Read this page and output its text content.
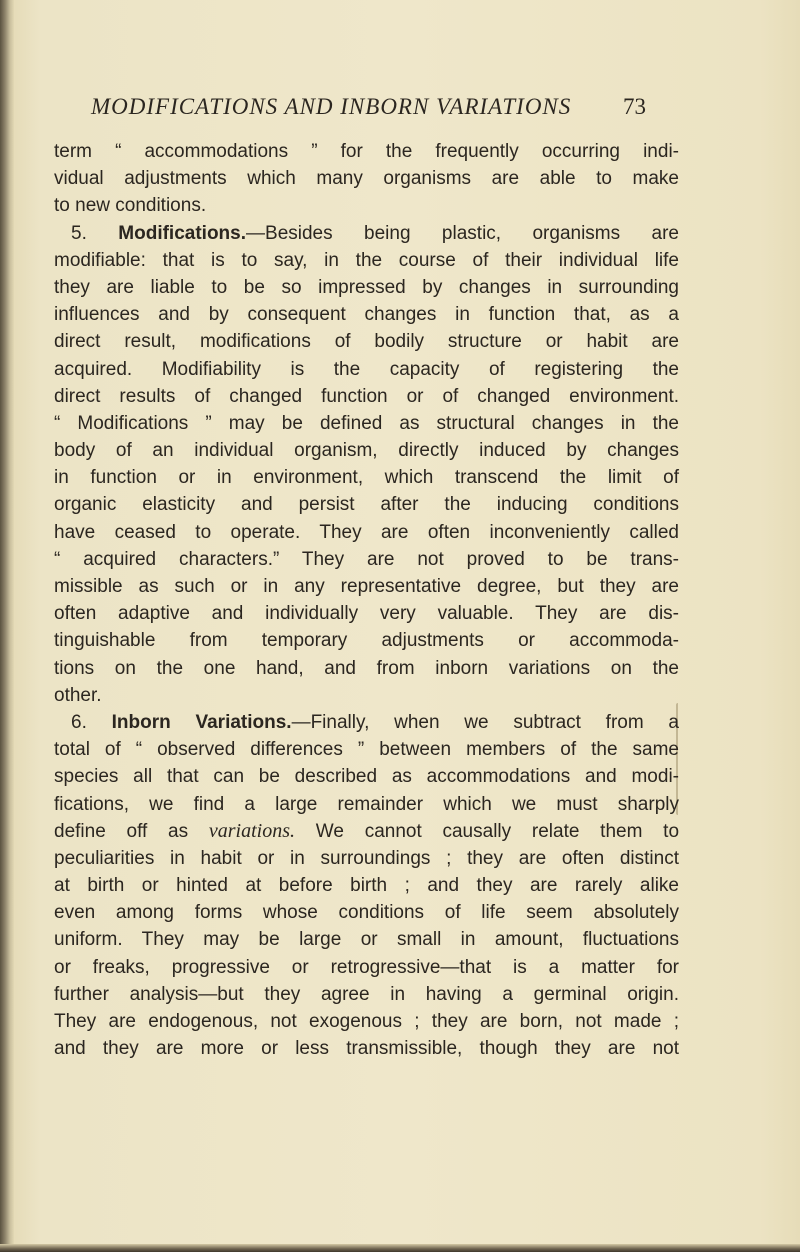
MODIFICATIONS AND INBORN VARIATIONS 73
term “ accommodations ” for the frequently occurring indi-
vidual adjustments which many organisms are able to make
to new conditions.
5. Modifications.—Besides being plastic, organisms are
modifiable: that is to say, in the course of their individual life
they are liable to be so impressed by changes in surrounding
influences and by consequent changes in function that, as a
direct result, modifications of bodily structure or habit are
acquired. Modifiability is the capacity of registering the
direct results of changed function or of changed environment.
“ Modifications ” may be defined as structural changes in the
body of an individual organism, directly induced by changes
in function or in environment, which transcend the limit of
organic elasticity and persist after the inducing conditions
have ceased to operate. They are often inconveniently called
“ acquired characters.” They are not proved to be trans-
missible as such or in any representative degree, but they are
often adaptive and individually very valuable. They are dis-
tinguishable from temporary adjustments or accommoda-
tions on the one hand, and from inborn variations on the
other.
6. Inborn Variations.—Finally, when we subtract from a
total of “ observed differences ” between members of the same
species all that can be described as accommodations and modi-
fications, we find a large remainder which we must sharply
define off as variations. We cannot causally relate them to
peculiarities in habit or in surroundings ; they are often distinct
at birth or hinted at before birth ; and they are rarely alike
even among forms whose conditions of life seem absolutely
uniform. They may be large or small in amount, fluctuations
or freaks, progressive or retrogressive—that is a matter for
further analysis—but they agree in having a germinal origin.
They are endogenous, not exogenous ; they are born, not made ;
and they are more or less transmissible, though they are not
